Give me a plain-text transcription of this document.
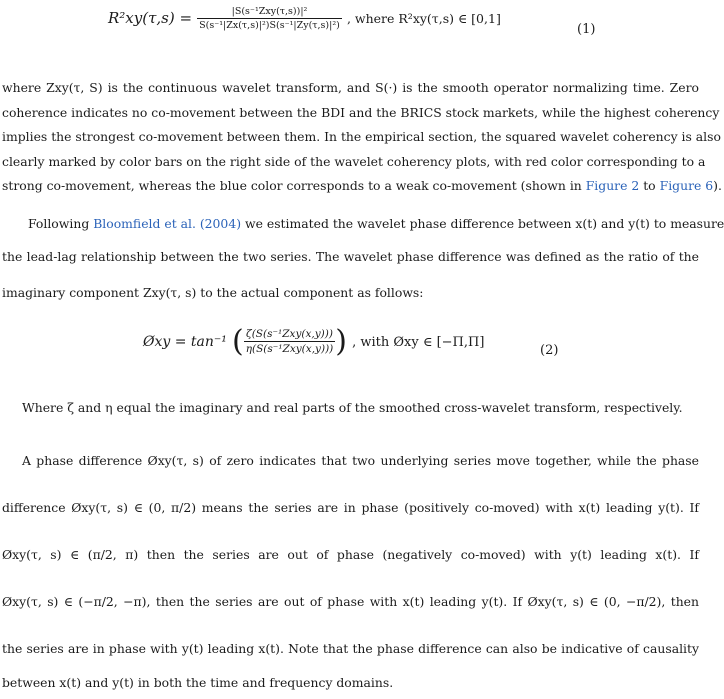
$R^2xy(\tau,s) = \frac{\text{|S(s⁻¹Zxy(τ,s))|²}}{\text{S(s⁻¹|Zx(τ,s)|²)S(s⁻¹|Zy(τ,s)|²)}}$ , where R²xy(τ,s) ∈ [0,1]
(1)
where Zxy(τ, S) is the continuous wavelet transform, and S(·) is the smooth operator normalizing time. Zero
coherence indicates no co-movement between the BDI and the BRICS stock markets, while the highest coherency
implies the strongest co-movement between them. In the empirical section, the squared wavelet coherency is also
clearly marked by color bars on the right side of the wavelet coherency plots, with red color corresponding to a
strong co-movement, whereas the blue color corresponds to a weak co-movement (shown in Figure 2 to Figure 6).
Following Bloomfield et al. (2004) we estimated the wavelet phase difference between x(t) and y(t) to measure
the lead-lag relationship between the two series. The wavelet phase difference was defined as the ratio of the
imaginary component Zxy(τ, s) to the actual component as follows:
Øxy = tan⁻¹ ( $\frac{\text{ζ(S(s⁻¹Zxy(x,y)))}}{\text{η(S(s⁻¹Zxy(x,y)))}}$ ) , with Øxy ∈ [−Π,Π]
(2)
Where ζ and η equal the imaginary and real parts of the smoothed cross-wavelet transform, respectively.
A phase difference Øxy(τ, s) of zero indicates that two underlying series move together, while the phase
difference Øxy(τ, s) ∈ (0, π/2) means the series are in phase (positively co-moved) with x(t) leading y(t). If
Øxy(τ, s) ∈ (π/2, π) then the series are out of phase (negatively co-moved) with y(t) leading x(t). If
Øxy(τ, s) ∈ (−π/2, −π), then the series are out of phase with x(t) leading y(t). If Øxy(τ, s) ∈ (0, −π/2), then
the series are in phase with y(t) leading x(t). Note that the phase difference can also be indicative of causality
between x(t) and y(t) in both the time and frequency domains.
